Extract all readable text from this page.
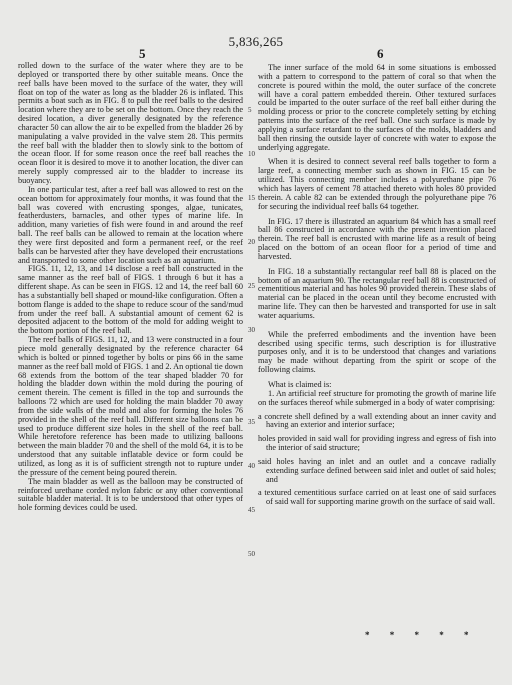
5,836,265
5	6

rolled down to the surface of the water where they are to be deployed or transported there by other suitable means. Once the reef balls have been moved to the surface of the water, they will float on top of the water as long as the bladder 26 is inflated. This permits a boat such as in FIG. 8 to pull the reef balls to the desired location where they are to be set on the bottom. Once they reach the desired location, a diver generally designated by the reference character 50 can allow the air to be expelled from the bladder 26 by manipulating a valve provided in the valve stem 28. This permits the reef ball with the bladder then to slowly sink to the bottom of the ocean floor. If for some reason once the reef ball reaches the ocean floor it is desired to move it to another location, the diver can merely supply compressed air to the bladder to increase its buoyancy.

In one particular test, after a reef ball was allowed to rest on the ocean bottom for approximately four months, it was found that the ball was covered with encrusting sponges, algae, tunicates, featherdusters, barnacles, and other types of marine life. In addition, many varieties of fish were found in and around the reef ball. The reef balls can be allowed to remain at the location where they were first deposited and form a permanent reef, or the reef balls can be harvested after they have developed their encrustations and transported to some other location such as an aquarium.

FIGS. 11, 12, 13, and 14 disclose a reef ball constructed in the same manner as the reef ball of FIGS. 1 through 6 but it has a different shape. As can be seen in FIGS. 12 and 14, the reef ball 60 has a substantially bell shaped or mound-like configuration. Often a bottom flange is added to the shape to reduce scour of the sand/mud from under the reef ball. A substantial amount of cement 62 is deposited adjacent to the bottom of the mold for adding weight to the bottom portion of the reef ball.

The reef balls of FIGS. 11, 12, and 13 were constructed in a four piece mold generally designated by the reference character 64 which is bolted or pinned together by bolts or pins 66 in the same manner as the reef ball mold of FIGS. 1 and 2. An optional tie down 68 extends from the bottom of the tear shaped bladder 70 for holding the bladder down within the mold during the pouring of cement therein. The cement is filled in the top and surrounds the balloons 72 which are used for holding the main bladder 70 away from the side walls of the mold and also for forming the holes 76 provided in the shell of the reef ball. Different size balloons can be used to produce different size holes in the shell of the reef ball. While heretofore reference has been made to utilizing balloons between the main bladder 70 and the shell of the mold 64, it is to be understood that any suitable inflatable device or form could be utilized, as long as it is of sufficient strength not to rupture under the pressure of the cement being poured therein.

The main bladder as well as the balloon may be constructed of reinforced urethane corded nylon fabric or any other conventional suitable bladder material. It is to be understood that other types of hole forming devices could be used.

5
10
15
20
25
30
35
40
45
50

The inner surface of the mold 64 in some situations is embossed with a pattern to correspond to the pattern of coral so that when the concrete is poured within the mold, the outer surface of the concrete will have a coral pattern embedded therein. Other textured surfaces could be imparted to the outer surface of the reef ball either during the molding process or prior to the concrete completely setting by etching patterns into the surface of the reef ball. One such surface is made by applying a surface retardant to the surfaces of the molds, bladders and ball then rinsing the outside layer of concrete with water to expose the underlying aggregate.

When it is desired to connect several reef balls together to form a large reef, a connecting member such as shown in FIG. 15 can be utilized. This connecting member includes a polyurethane pipe 76 which has layers of cement 78 attached thereto with holes 80 provided therein. A cable 82 can be extended through the polyurethane pipe 76 for securing the individual reef balls 64 together.

In FIG. 17 there is illustrated an aquarium 84 which has a small reef ball 86 constructed in accordance with the present invention placed therein. The reef ball is encrusted with marine life as a result of being placed on the bottom of an ocean floor for a period of time and harvested.

In FIG. 18 a substantially rectangular reef ball 88 is placed on the bottom of an aquarium 90. The rectangular reef ball 88 is constructed of cementitious material and has holes 90 provided therein. These slabs of material can be placed in the ocean until they become encrusted with marine life. They can then be harvested and transported for use in salt water aquariums.

While the preferred embodiments and the invention have been described using specific terms, such description is for illustrative purposes only, and it is to be understood that changes and variations may be made without departing from the spirit or scope of the following claims.

What is claimed is:

1. An artificial reef structure for promoting the growth of marine life on the surfaces thereof while submerged in a body of water comprising:

a concrete shell defined by a wall extending about an inner cavity and having an exterior and interior surface;

holes provided in said wall for providing ingress and egress of fish into the interior of said structure;

said holes having an inlet and an outlet and a concave radially extending surface defined between said inlet and outlet of said holes; and

a textured cementitious surface carried on at least one of said surfaces of said wall for supporting marine growth on the surface of said wall.

* * * * *
